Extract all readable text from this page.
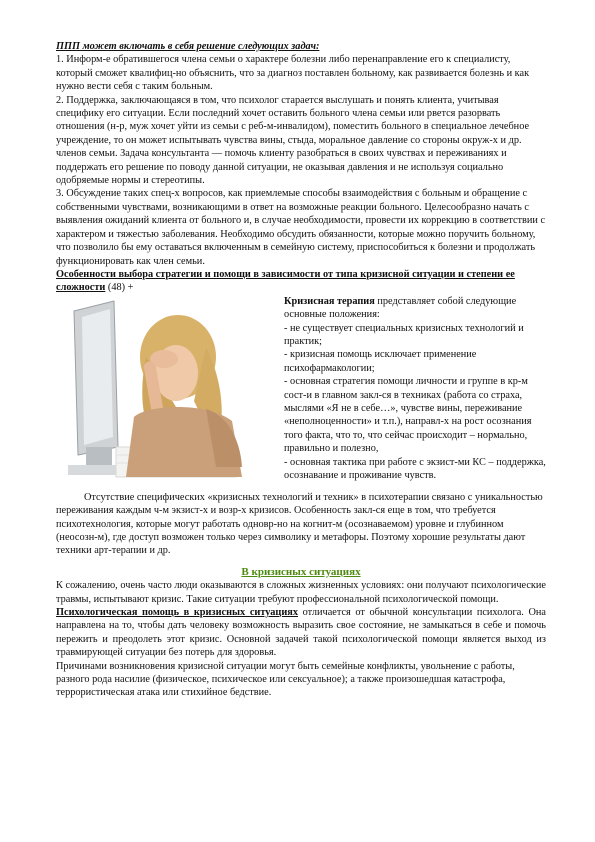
ППП может включать в себя решение следующих задач:

1. Информ-е обратившегося члена семьи о характере болезни либо перенаправление его к специалисту, который сможет квалифиц-но объяснить, что за диагноз поставлен больному, как развивается болезнь и как нужно вести себя с таким больным.

2. Поддержка, заключающаяся в том, что психолог старается выслушать и понять клиента, учитывая специфику его ситуации. Если последний хочет оставить больного члена семьи или рвется разорвать отношения (н-р, муж хочет уйти из семьи с реб-м-инвалидом), поместить больного в специальное лечебное учреждение, то он может испытывать чувства вины, стыда, моральное давление со стороны окруж-х и др. членов семьи. Задача консультанта — помочь клиенту разобраться в своих чувствах и переживаниях и поддержать его решение по поводу данной ситуации, не оказывая давления и не используя социально одобряемые нормы и стереотипы.

3. Обсуждение таких спец-х вопросов, как приемлемые способы взаимодействия с больным и обращение с собственными чувствами, возникающими в ответ на возможные реакции больного. Целесообразно начать с выявления ожиданий клиента от больного и, в случае необходимости, провести их коррекцию в соответствии с характером и тяжестью заболевания. Необходимо обсудить обязанности, которые можно поручить больному, что позволило бы ему оставаться включенным в семейную систему, приспособиться к болезни и продолжать функционировать как член семьи.

Особенности выбора стратегии и помощи в зависимости от типа кризисной ситуации и степени ее сложности (48) +

Кризисная терапия представляет собой следующие основные положения:

- не существует специальных кризисных технологий и практик;

- кризисная помощь исключает применение психофармакологии;

- основная стратегия помощи личности и группе в кр-м сост-и в главном закл-ся в техниках (работа со страха, мыслями «Я не в себе…», чувстве вины, переживание «неполноценности» и т.п.), направл-х на рост осознания того факта, что то, что сейчас происходит – нормально, правильно и полезно,

- основная тактика при работе с экзист-ми КС – поддержка, осознавание и проживание чувств.

Отсутствие специфических «кризисных технологий и техник» в психотерапии связано с уникальностью переживания каждым ч-м экзист-х и возр-х кризисов. Особенность закл-ся еще в том, что требуется психотехнология, которые могут работать одновр-но на когнит-м (осознаваемом) уровне и глубинном (неосозн-м), где доступ возможен только через символику и метафоры. Поэтому хорошие результаты дают техники арт-терапии и др.

В кризисных ситуациях

К сожалению, очень часто люди оказываются в сложных жизненных условиях: они получают психологические травмы, испытывают кризис. Такие ситуации требуют профессиональной психологической помощи.

Психологическая помощь в кризисных ситуациях отличается от обычной консультации психолога. Она направлена на то, чтобы дать человеку возможность выразить свое состояние, не замыкаться в себе и помочь пережить и преодолеть этот кризис. Основной задачей такой психологической помощи является выход из травмирующей ситуации без потерь для здоровья.

Причинами возникновения кризисной ситуации могут быть семейные конфликты, увольнение с работы, разного рода насилие (физическое, психическое или сексуальное); а также произошедшая катастрофа, террористическая атака или стихийное бедствие.
